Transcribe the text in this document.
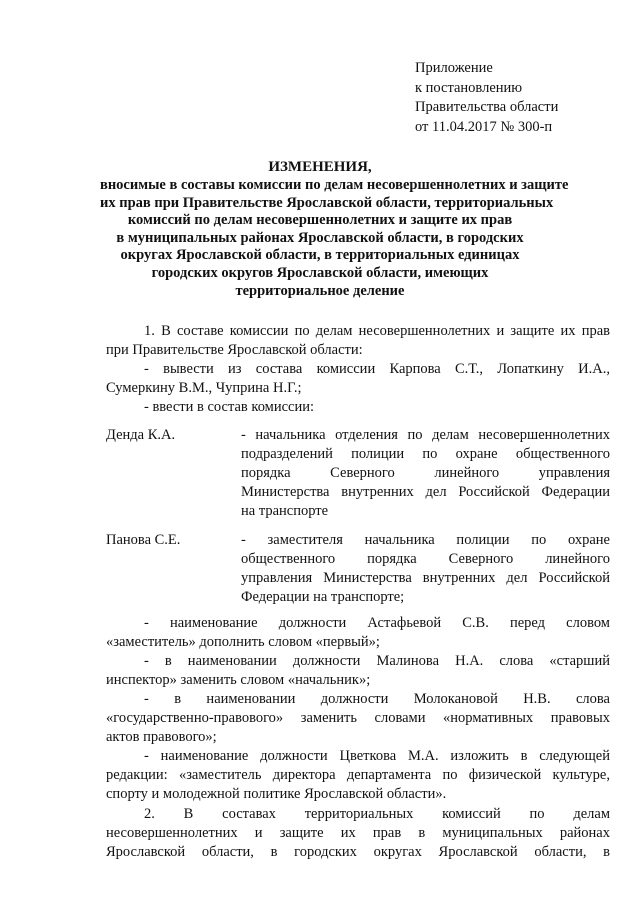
Приложение
к постановлению
Правительства области
от 11.04.2017 № 300-п
ИЗМЕНЕНИЯ,
вносимые в составы комиссии по делам несовершеннолетних и защите
их прав при Правительстве Ярославской области, территориальных
комиссий по делам несовершеннолетних и защите их прав
в муниципальных районах Ярославской области, в городских
округах Ярославской области, в территориальных единицах
городских округов Ярославской области, имеющих
территориальное деление
1. В составе комиссии по делам несовершеннолетних и защите их прав
при Правительстве Ярославской области:
- вывести из состава комиссии Карпова С.Т., Лопаткину И.А.,
Сумеркину В.М., Чуприна Н.Г.;
- ввести в состав комиссии:
Денда К.А.	- начальника отделения по делам несовершеннолетних
подразделений полиции по охране общественного
порядка Северного линейного управления
Министерства внутренних дел Российской Федерации
на транспорте
Панова С.Е.	- заместителя начальника полиции по охране
общественного порядка Северного линейного
управления Министерства внутренних дел Российской
Федерации на транспорте;
- наименование должности Астафьевой С.В. перед словом
«заместитель» дополнить словом «первый»;
- в наименовании должности Малинова Н.А. слова «старший
инспектор» заменить словом «начальник»;
- в наименовании должности Молокановой Н.В. слова
«государственно-правового» заменить словами «нормативных правовых
актов правового»;
- наименование должности Цветкова М.А. изложить в следующей
редакции: «заместитель директора департамента по физической культуре,
спорту и молодежной политике Ярославской области».
2. В составах территориальных комиссий по делам
несовершеннолетних и защите их прав в муниципальных районах
Ярославской области, в городских округах Ярославской области, в
